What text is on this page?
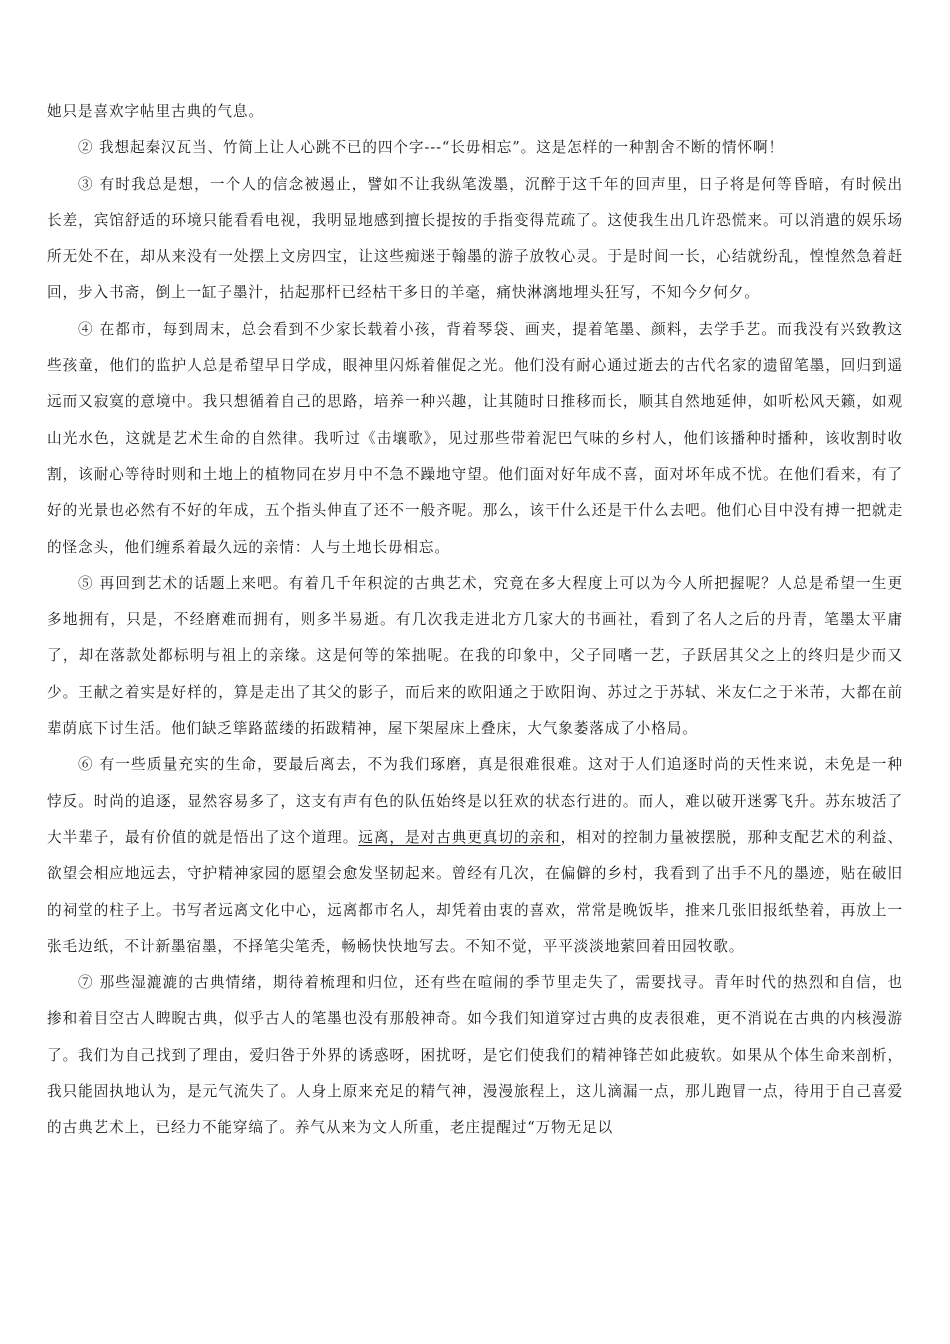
她只是喜欢字帖里古典的气息。

② 我想起秦汉瓦当、竹简上让人心跳不已的四个字---“长毋相忘”。这是怎样的一种割舍不断的情怀啊！

③ 有时我总是想，一个人的信念被遏止，譬如不让我纵笔泼墨，沉醉于这千年的回声里，日子将是何等昏暗，有时候出长差，宾馆舒适的环境只能看看电视，我明显地感到擅长提按的手指变得荒疏了。这使我生出几许恐慌来。可以消遣的娱乐场所无处不在，却从来没有一处摆上文房四宝，让这些痴迷于翰墨的游子放牧心灵。于是时间一长，心结就纷乱，惶惶然急着赶回，步入书斋，倒上一缸子墨汁，拈起那杆已经枯干多日的羊毫，痛快淋漓地埋头狂写，不知今夕何夕。

④ 在都市，每到周末，总会看到不少家长载着小孩，背着琴袋、画夹，提着笔墨、颜料，去学手艺。而我没有兴致教这些孩童，他们的监护人总是希望早日学成，眼神里闪烁着催促之光。他们没有耐心通过逝去的古代名家的遗留笔墨，回归到遥远而又寂寞的意境中。我只想循着自己的思路，培养一种兴趣，让其随时日推移而长，顺其自然地延伸，如听松风天籁，如观山光水色，这就是艺术生命的自然律。我听过《击壤歌》，见过那些带着泥巴气味的乡村人，他们该播种时播种，该收割时收割，该耐心等待时则和土地上的植物同在岁月中不急不躁地守望。他们面对好年成不喜，面对坏年成不忧。在他们看来，有了好的光景也必然有不好的年成，五个指头伸直了还不一般齐呢。那么，该干什么还是干什么去吧。他们心目中没有搏一把就走的怪念头，他们缠系着最久远的亲情：人与土地长毋相忘。

⑤ 再回到艺术的话题上来吧。有着几千年积淀的古典艺术，究竟在多大程度上可以为今人所把握呢？人总是希望一生更多地拥有，只是，不经磨难而拥有，则多半易逝。有几次我走进北方几家大的书画社，看到了名人之后的丹青，笔墨太平庸了，却在落款处都标明与祖上的亲缘。这是何等的笨拙呢。在我的印象中，父子同嗜一艺，子跃居其父之上的终归是少而又少。王献之着实是好样的，算是走出了其父的影子，而后来的欧阳通之于欧阳询、苏过之于苏轼、米友仁之于米芾，大都在前辈荫底下讨生活。他们缺乏筚路蓝缕的拓跋精神，屋下架屋床上叠床，大气象萎落成了小格局。

⑥ 有一些质量充实的生命，要最后离去，不为我们琢磨，真是很难很难。这对于人们追逐时尚的天性来说，未免是一种悖反。时尚的追逐，显然容易多了，这支有声有色的队伍始终是以狂欢的状态行进的。而人，难以破开迷雾飞升。苏东坡活了大半辈子，最有价值的就是悟出了这个道理。远离，是对古典更真切的亲和，相对的控制力量被摆脱，那种支配艺术的利益、欲望会相应地远去，守护精神家园的愿望会愈发坚韧起来。曾经有几次，在偏僻的乡村，我看到了出手不凡的墨迹，贴在破旧的祠堂的柱子上。书写者远离文化中心，远离都市名人，却凭着由衷的喜欢，常常是晚饭毕，推来几张旧报纸垫着，再放上一张毛边纸，不计新墨宿墨，不择笔尖笔秃，畅畅快快地写去。不知不觉，平平淡淡地萦回着田园牧歌。

⑦ 那些湿漉漉的古典情绪，期待着梳理和归位，还有些在喧闹的季节里走失了，需要找寻。青年时代的热烈和自信，也掺和着目空古人睥睨古典，似乎古人的笔墨也没有那般神奇。如今我们知道穿过古典的皮表很难，更不消说在古典的内核漫游了。我们为自己找到了理由，爱归咎于外界的诱惑呀，困扰呀，是它们使我们的精神锋芒如此疲软。如果从个体生命来剖析，我只能固执地认为，是元气流失了。人身上原来充足的精气神，漫漫旅程上，这儿滴漏一点，那儿跑冒一点，待用于自己喜爱的古典艺术上，已经力不能穿缟了。养气从来为文人所重，老庄提醒过“万物无足以
